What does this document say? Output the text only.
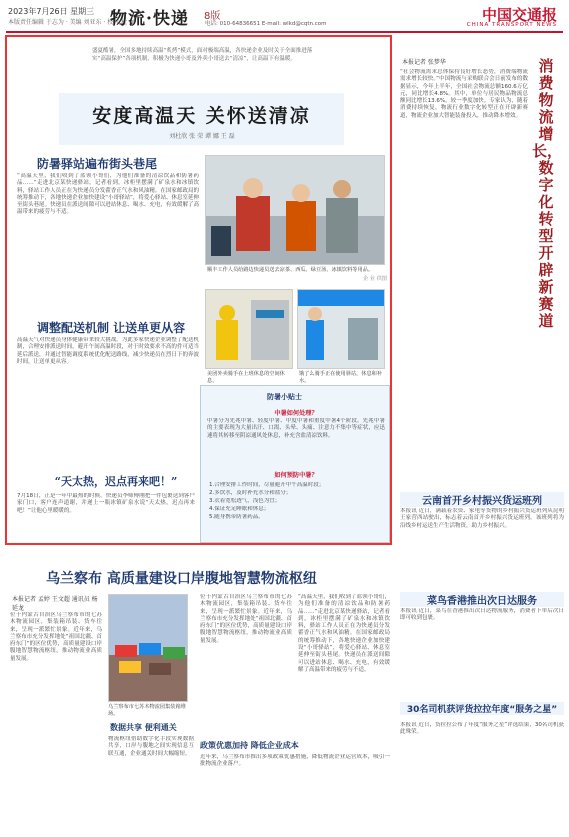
2023年7月26日 星期三
本版责任编辑 于志为 · 美编 刘亚东 · 校对 杜 龙
物流·快递 8版
电话: 010-64836651 E-mail: wlkd@cqtn.com	中国交通报
CHINA TRANSPORT NEWS
盛夏酷暑，全国多地持续高温“炙烤”模式，面对极端高温，各快递企业及时关于全面推进落实“高温保护”各项机制，积极为快递小哥及外卖小哥送去“清凉”，让高温下有温暖。
安度高温天 关怀送清凉
刘杜欣 张 荣 谭 娜 王 磊
防暑驿站遍布街头巷尾
“高温天里，我们收到了蓝领小哥们，为他们准备的清凉饮品和防暑药品……”走进北京某快递驿站，记者看到，冰柜里摆满了矿泉水和冰镇饮料，驿站工作人员正在为快递员分发藿香正气水和风油精。在国家邮政局的统筹推动下，各地快递企业加快建设“小哥驿站”，将爱心驿站、休息室延伸至街头巷尾。快递员在派送间隙可以进站休息、喝水、充电，有效缓解了高温带来的疲劳与不适。
调整配送机制 让送单更从容
高温天气对快递员身体健康带来较大挑战。为此多家快递企业调整了配送机制，合理安排派送时间，避开午间高温时段，对于时效要求不高的件可适当延后派送，并通过智能调度系统优化配送路线，减少快递员在烈日下的奔波时间，让送单更从容。
顺丰工作人员给路边快递员送去凉茶、西瓜、绿豆汤、冰镇饮料等用品。
企 业 供图
美团外卖骑手在上班休息的空间休息。
饿了么骑手正在使用驿站，休息和补水。
防暑小贴士
中暑如何处理？
中暑分为先兆中暑、轻度中暑、中度中暑和重度中暑4个阶段。先兆中暑的主要表现为大量出汗、口渴、头晕、头痛、注意力不集中等症状，应迅速将其转移至阴凉通风处休息，补充含盐清凉饮料。
如何预防中暑？
1.合理安排工作时间，尽量避开中午高温时段；
2.多饮水，及时补充水分和盐分；
3.衣着宽松透气，浅色为宜；
4.保证充足睡眠和休息；
5.随身携带防暑药品。
“天太热，迟点再来吧！”
7月18日，正是一年中最热的时候。快递员李师傅刚把一件包裹送到客户家门口，客户连声道谢，并递上一瓶冰镇矿泉水说“天太热，迟点再来吧！”让他心里暖暖的。
本报记者 张梦华
“社会物流需求总体保持良好增长态势，消费端物流需求增长较快。”中国物流与采购联合会日前发布的数据显示，今年上半年，全国社会物流总额160.6万亿元，同比增长4.8%。其中，单位与居民物品物流总额同比增长13.6%，较一季度加快。专家认为，随着消费持续恢复，物流行业数字化转型正在开辟新赛道，物流企业加大智能装备投入，推动降本增效。
消费物流增长，数字化转型开辟新赛道
云南首开乡村振兴货运班列
本报讯 近日，满载着农资、家电等货物的乡村振兴货运班列从昆明王家营西站驶出，标志着云南首开乡村振兴货运班列。该班列将为沿线乡村运送生产生活物资，助力乡村振兴。
菜鸟香港推出次日达服务
本报讯 近日，菜鸟在香港推出次日达物流服务，消费者下单后次日即可收到包裹。
30名司机获评货拉拉年度“服务之星”
本报讯 近日，货拉拉公布了年度“服务之星”评选结果，30名司机获此殊荣。
乌兰察布 高质量建设口岸腹地智慧物流枢纽
本报记者 孟婷 王文超 通讯员 杨延龙
位于内蒙古自治区乌兰察布市的七苏木物流园区，集装箱吊装、货车往来，呈现一派繁忙景象。近年来，乌兰察布市充分发挥地处“祖国北疆、首府东门”的区位优势，高质量建设口岸腹地智慧物流枢纽，推动物流业高质量发展。
乌兰察布市七苏木物流园集装箱堆场。
数据共享 便利通关
物流枢纽借助数字化手段实现数据共享，口岸与腹地之间实现信息互联互通，企业通关时间大幅缩短。
位于内蒙古自治区乌兰察布市的七苏木物流园区，集装箱吊装、货车往来，呈现一派繁忙景象。近年来，乌兰察布市充分发挥地处“祖国北疆、首府东门”的区位优势，高质量建设口岸腹地智慧物流枢纽，推动物流业高质量发展。
政策优惠加持 降低企业成本
近年来，乌兰察布市推出多项政策优惠措施，降低物流企业运营成本，吸引一批物流企业落户。
“高温天里，我们收到了蓝领小哥们，为他们准备的清凉饮品和防暑药品……”走进北京某快递驿站，记者看到，冰柜里摆满了矿泉水和冰镇饮料，驿站工作人员正在为快递员分发藿香正气水和风油精。在国家邮政局的统筹推动下，各地快递企业加快建设“小哥驿站”，将爱心驿站、休息室延伸至街头巷尾。快递员在派送间隙可以进站休息、喝水、充电，有效缓解了高温带来的疲劳与不适。
